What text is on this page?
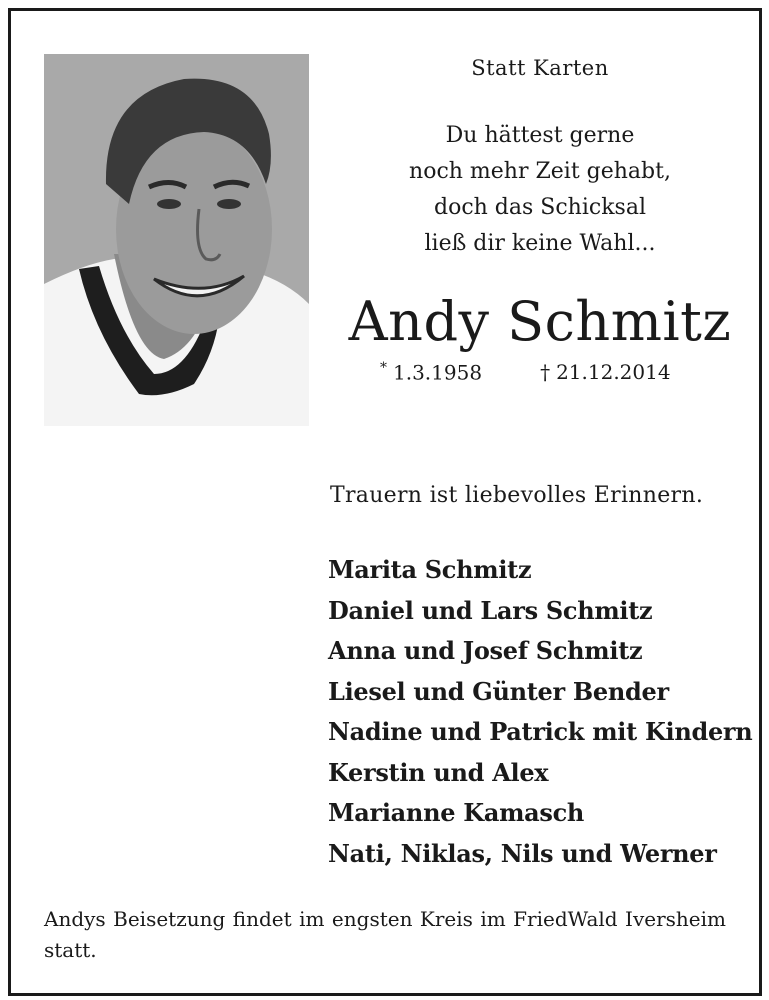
Statt Karten
Du hättest gerne
noch mehr Zeit gehabt,
doch das Schicksal
ließ dir keine Wahl...
Andy Schmitz
* 1.3.1958	† 21.12.2014
Trauern ist liebevolles Erinnern.
Marita Schmitz
Daniel und Lars Schmitz
Anna und Josef Schmitz
Liesel und Günter Bender
Nadine und Patrick mit Kindern
Kerstin und Alex
Marianne Kamasch
Nati, Niklas, Nils und Werner
Andys Beisetzung findet im engsten Kreis im FriedWald Iversheim statt.
